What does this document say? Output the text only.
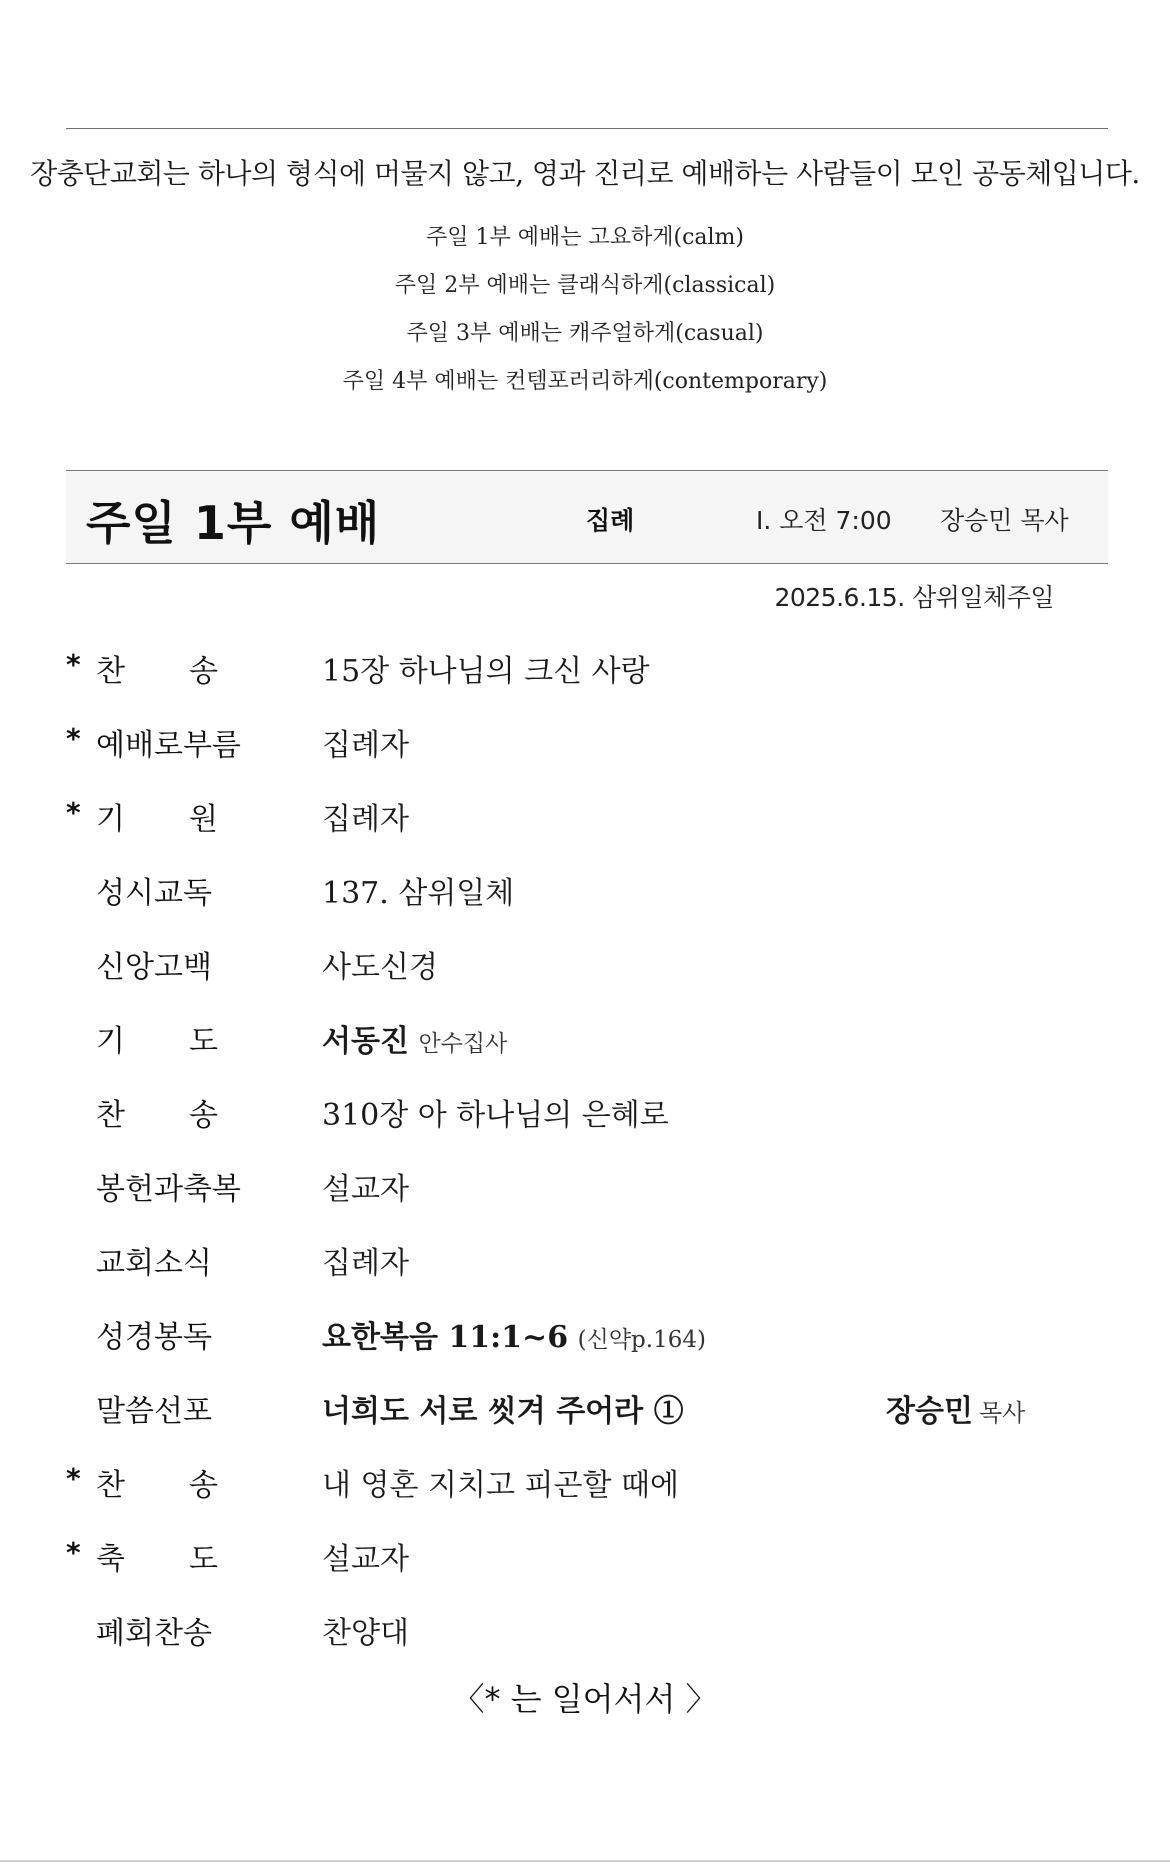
장충단교회는 하나의 형식에 머물지 않고, 영과 진리로 예배하는 사람들이 모인 공동체입니다.
주일 1부 예배는 고요하게(calm)
주일 2부 예배는 클래식하게(classical)
주일 3부 예배는 캐주얼하게(casual)
주일 4부 예배는 컨템포러리하게(contemporary)
주일 1부 예배	집례	Ⅰ. 오전 7:00 장승민 목사
2025.6.15. 삼위일체주일
* 찬 송	15장 하나님의 크신 사랑
* 예배로부름	집례자
* 기 원	집례자
성시교독	137. 삼위일체
신앙고백	사도신경
기 도	서동진 안수집사
찬 송	310장 아 하나님의 은혜로
봉헌과축복	설교자
교회소식	집례자
성경봉독	요한복음 11:1~6 (신약p.164)
말씀선포	너희도 서로 씻겨 주어라 ①	장승민 목사
* 찬 송	내 영혼 지치고 피곤할 때에
* 축 도	설교자
폐회찬송	찬양대
〈* 는 일어서서 〉
